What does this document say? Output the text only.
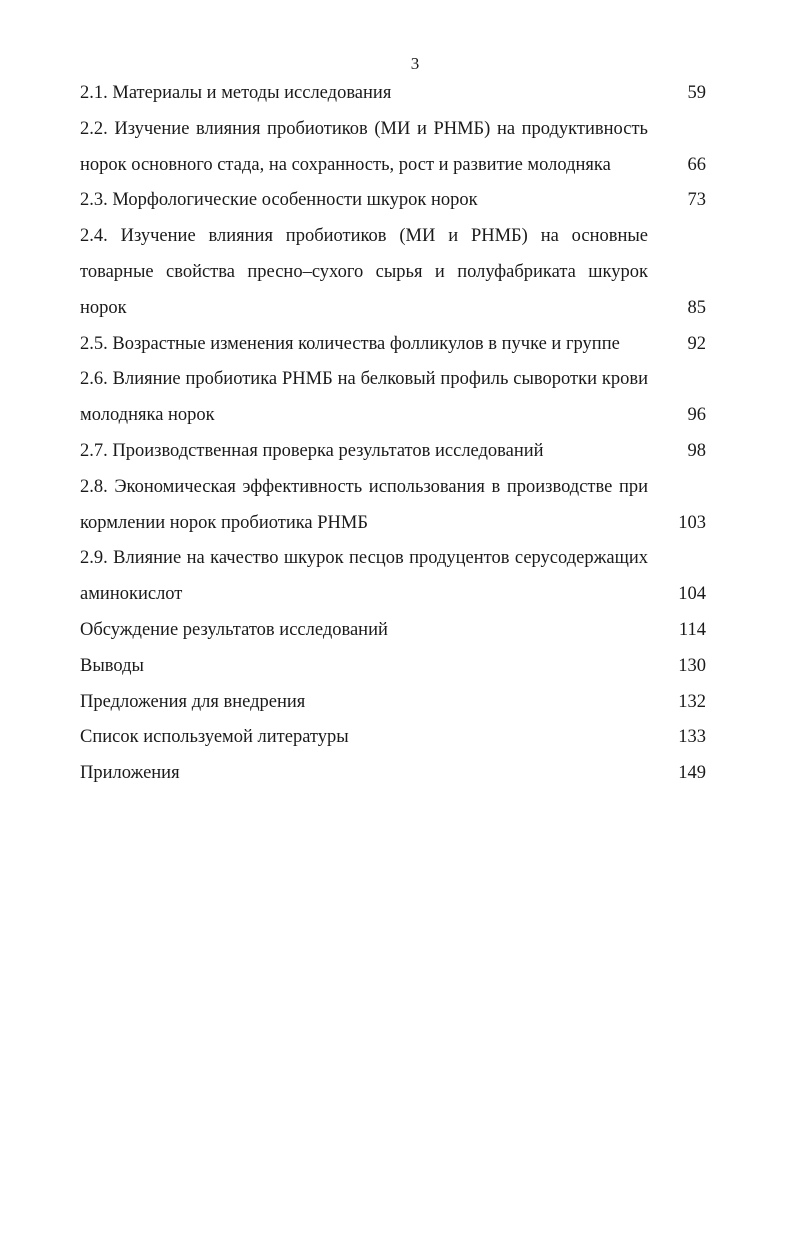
3
2.1. Материалы и методы исследования	59
2.2. Изучение влияния пробиотиков (МИ и РНМБ) на продуктивность норок основного стада, на сохранность, рост и развитие молодняка	66
2.3. Морфологические особенности шкурок норок	73
2.4. Изучение влияния пробиотиков (МИ и РНМБ) на основные товарные свойства пресно–сухого сырья и полуфабриката шкурок норок	85
2.5. Возрастные изменения количества фолликулов в пучке и группе	92
2.6. Влияние пробиотика РНМБ на белковый профиль сыворотки крови молодняка норок	96
2.7. Производственная проверка результатов исследований	98
2.8. Экономическая эффективность использования в производстве при кормлении норок пробиотика РНМБ	103
2.9. Влияние на качество шкурок песцов продуцентов серусодержащих аминокислот	104
Обсуждение результатов исследований	114
Выводы	130
Предложения для внедрения	132
Список используемой литературы	133
Приложения	149
